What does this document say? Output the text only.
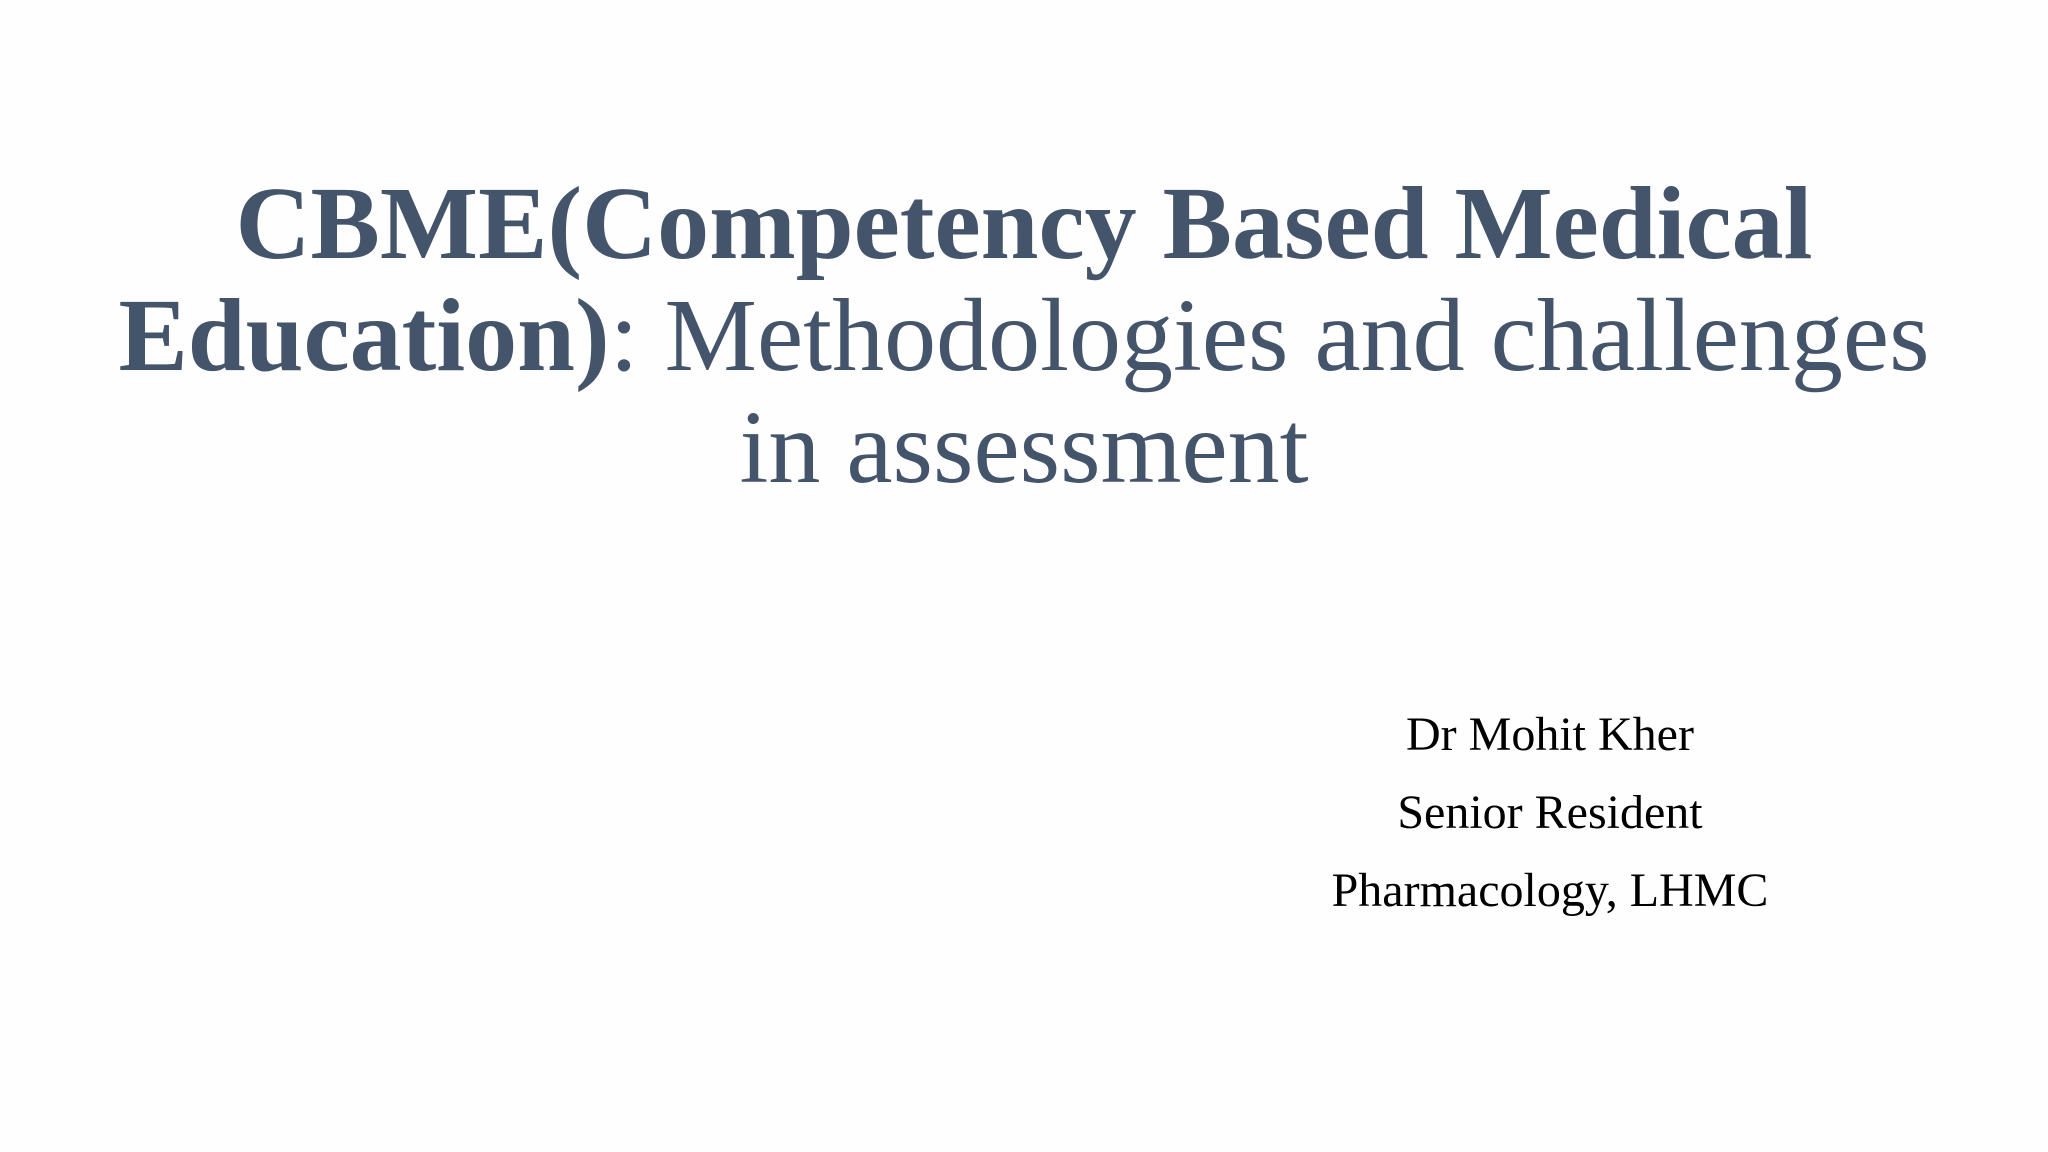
CBME(Competency Based Medical
Education): Methodologies and challenges
in assessment
Dr Mohit Kher
Senior Resident
Pharmacology, LHMC
